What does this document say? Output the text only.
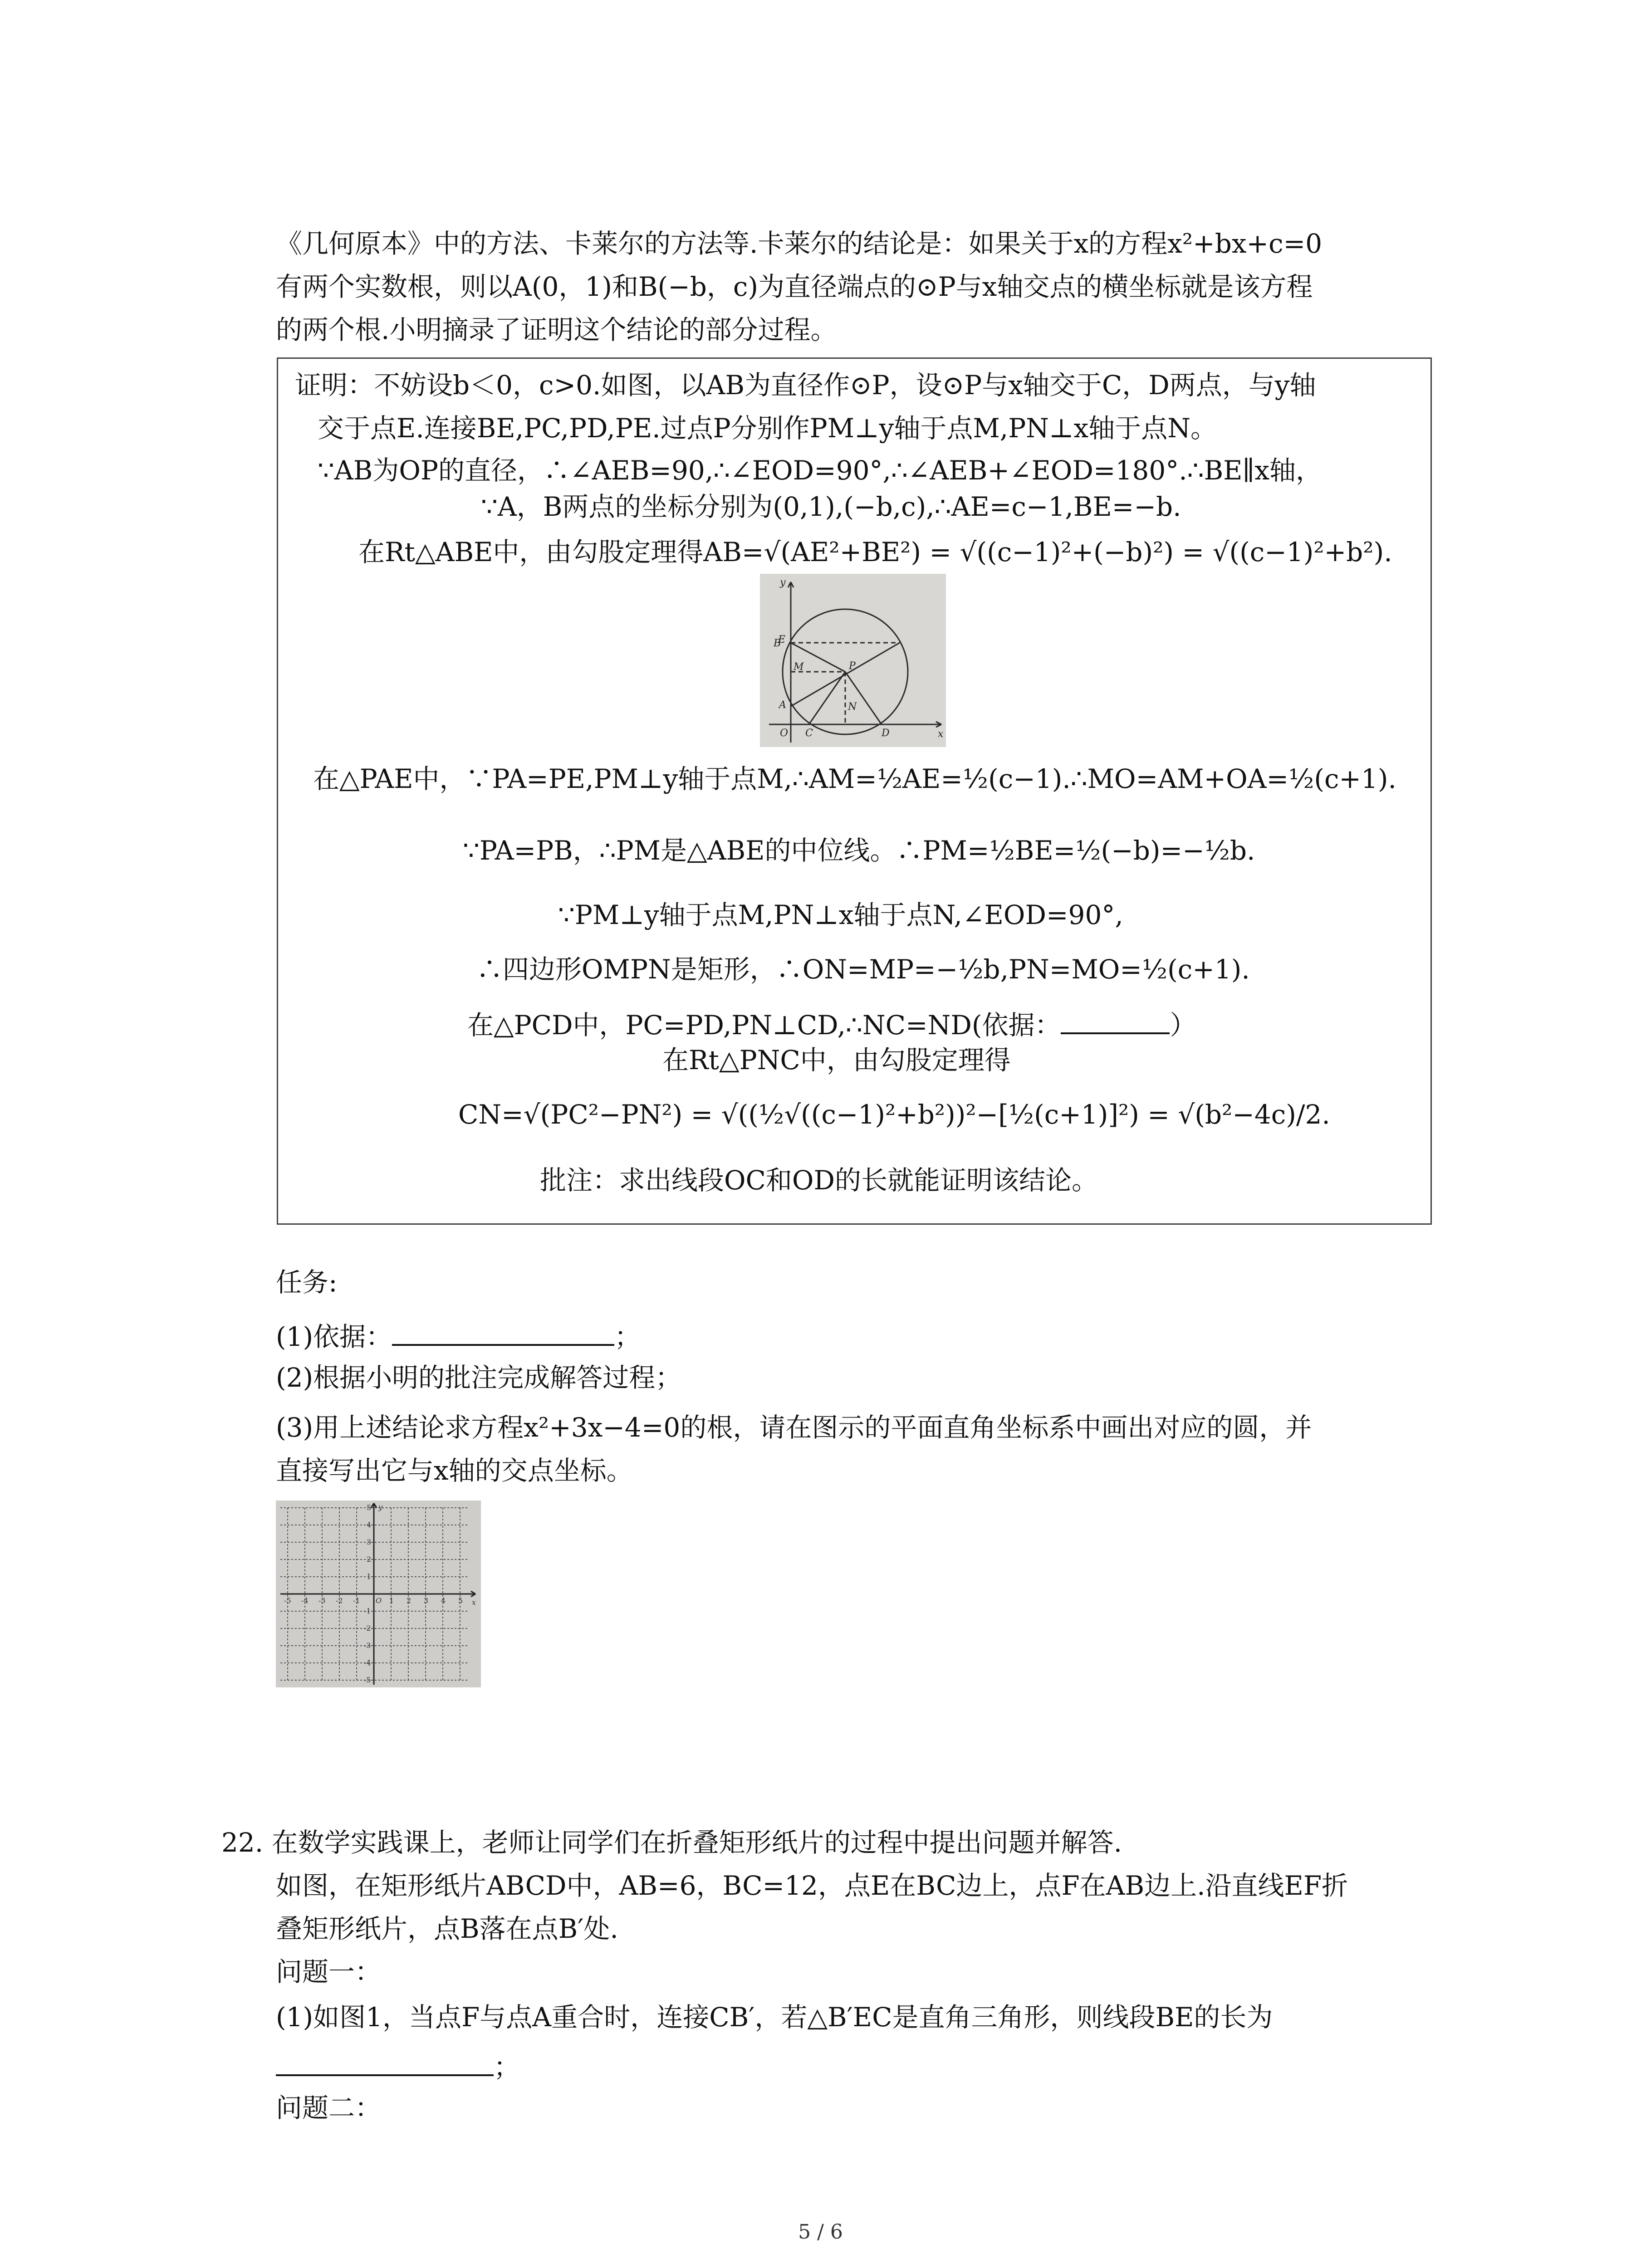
《几何原本》中的方法、卡莱尔的方法等.卡莱尔的结论是：如果关于x的方程x²+bx+c=0
有两个实数根，则以A(0，1)和B(−b，c)为直径端点的⊙P与x轴交点的横坐标就是该方程
的两个根.小明摘录了证明这个结论的部分过程。
证明：不妨设b＜0，c>0.如图，以AB为直径作⊙P，设⊙P与x轴交于C，D两点，与y轴
交于点E.连接BE,PC,PD,PE.过点P分别作PM⊥y轴于点M,PN⊥x轴于点N。
∵AB为OP的直径，∴∠AEB=90,∴∠EOD=90°,∴∠AEB+∠EOD=180°.∴BE∥x轴，
∵A，B两点的坐标分别为(0,1),(−b,c),∴AE=c−1,BE=−b.
在Rt△ABE中，由勾股定理得AB=√(AE²+BE²) = √((c−1)²+(−b)²) = √((c−1)²+b²).
y
B
E
M	P
A
O C
N
D	x
在△PAE中，∵PA=PE,PM⊥y轴于点M,∴AM=½AE=½(c−1).∴MO=AM+OA=½(c+1).
∵PA=PB，∴PM是△ABE的中位线。∴PM=½BE=½(−b)=−½b.
∵PM⊥y轴于点M,PN⊥x轴于点N,∠EOD=90°,
∴四边形OMPN是矩形，∴ON=MP=−½b,PN=MO=½(c+1).
在△PCD中，PC=PD,PN⊥CD,∴NC=ND(依据：	）
在Rt△PNC中，由勾股定理得
CN=√(PC²−PN²) = √((½√((c−1)²+b²))²−[½(c+1)]²) = √(b²−4c)/2.
批注：求出线段OC和OD的长就能证明该结论。
任务:
(1)依据：	；
(2)根据小明的批注完成解答过程；
(3)用上述结论求方程x²+3x−4=0的根，请在图示的平面直角坐标系中画出对应的圆，并
直接写出它与x轴的交点坐标。
y
x
O
-5 -4 -3 -2 -1	1 2 3 4 5
5
4
3
2
1
-1
-2
-3
-4
-5
22. 在数学实践课上，老师让同学们在折叠矩形纸片的过程中提出问题并解答.
如图，在矩形纸片ABCD中，AB=6，BC=12，点E在BC边上，点F在AB边上.沿直线EF折
叠矩形纸片，点B落在点B′处.
问题一：
(1)如图1，当点F与点A重合时，连接CB′，若△B′EC是直角三角形，则线段BE的长为
；
问题二：
5 / 6
